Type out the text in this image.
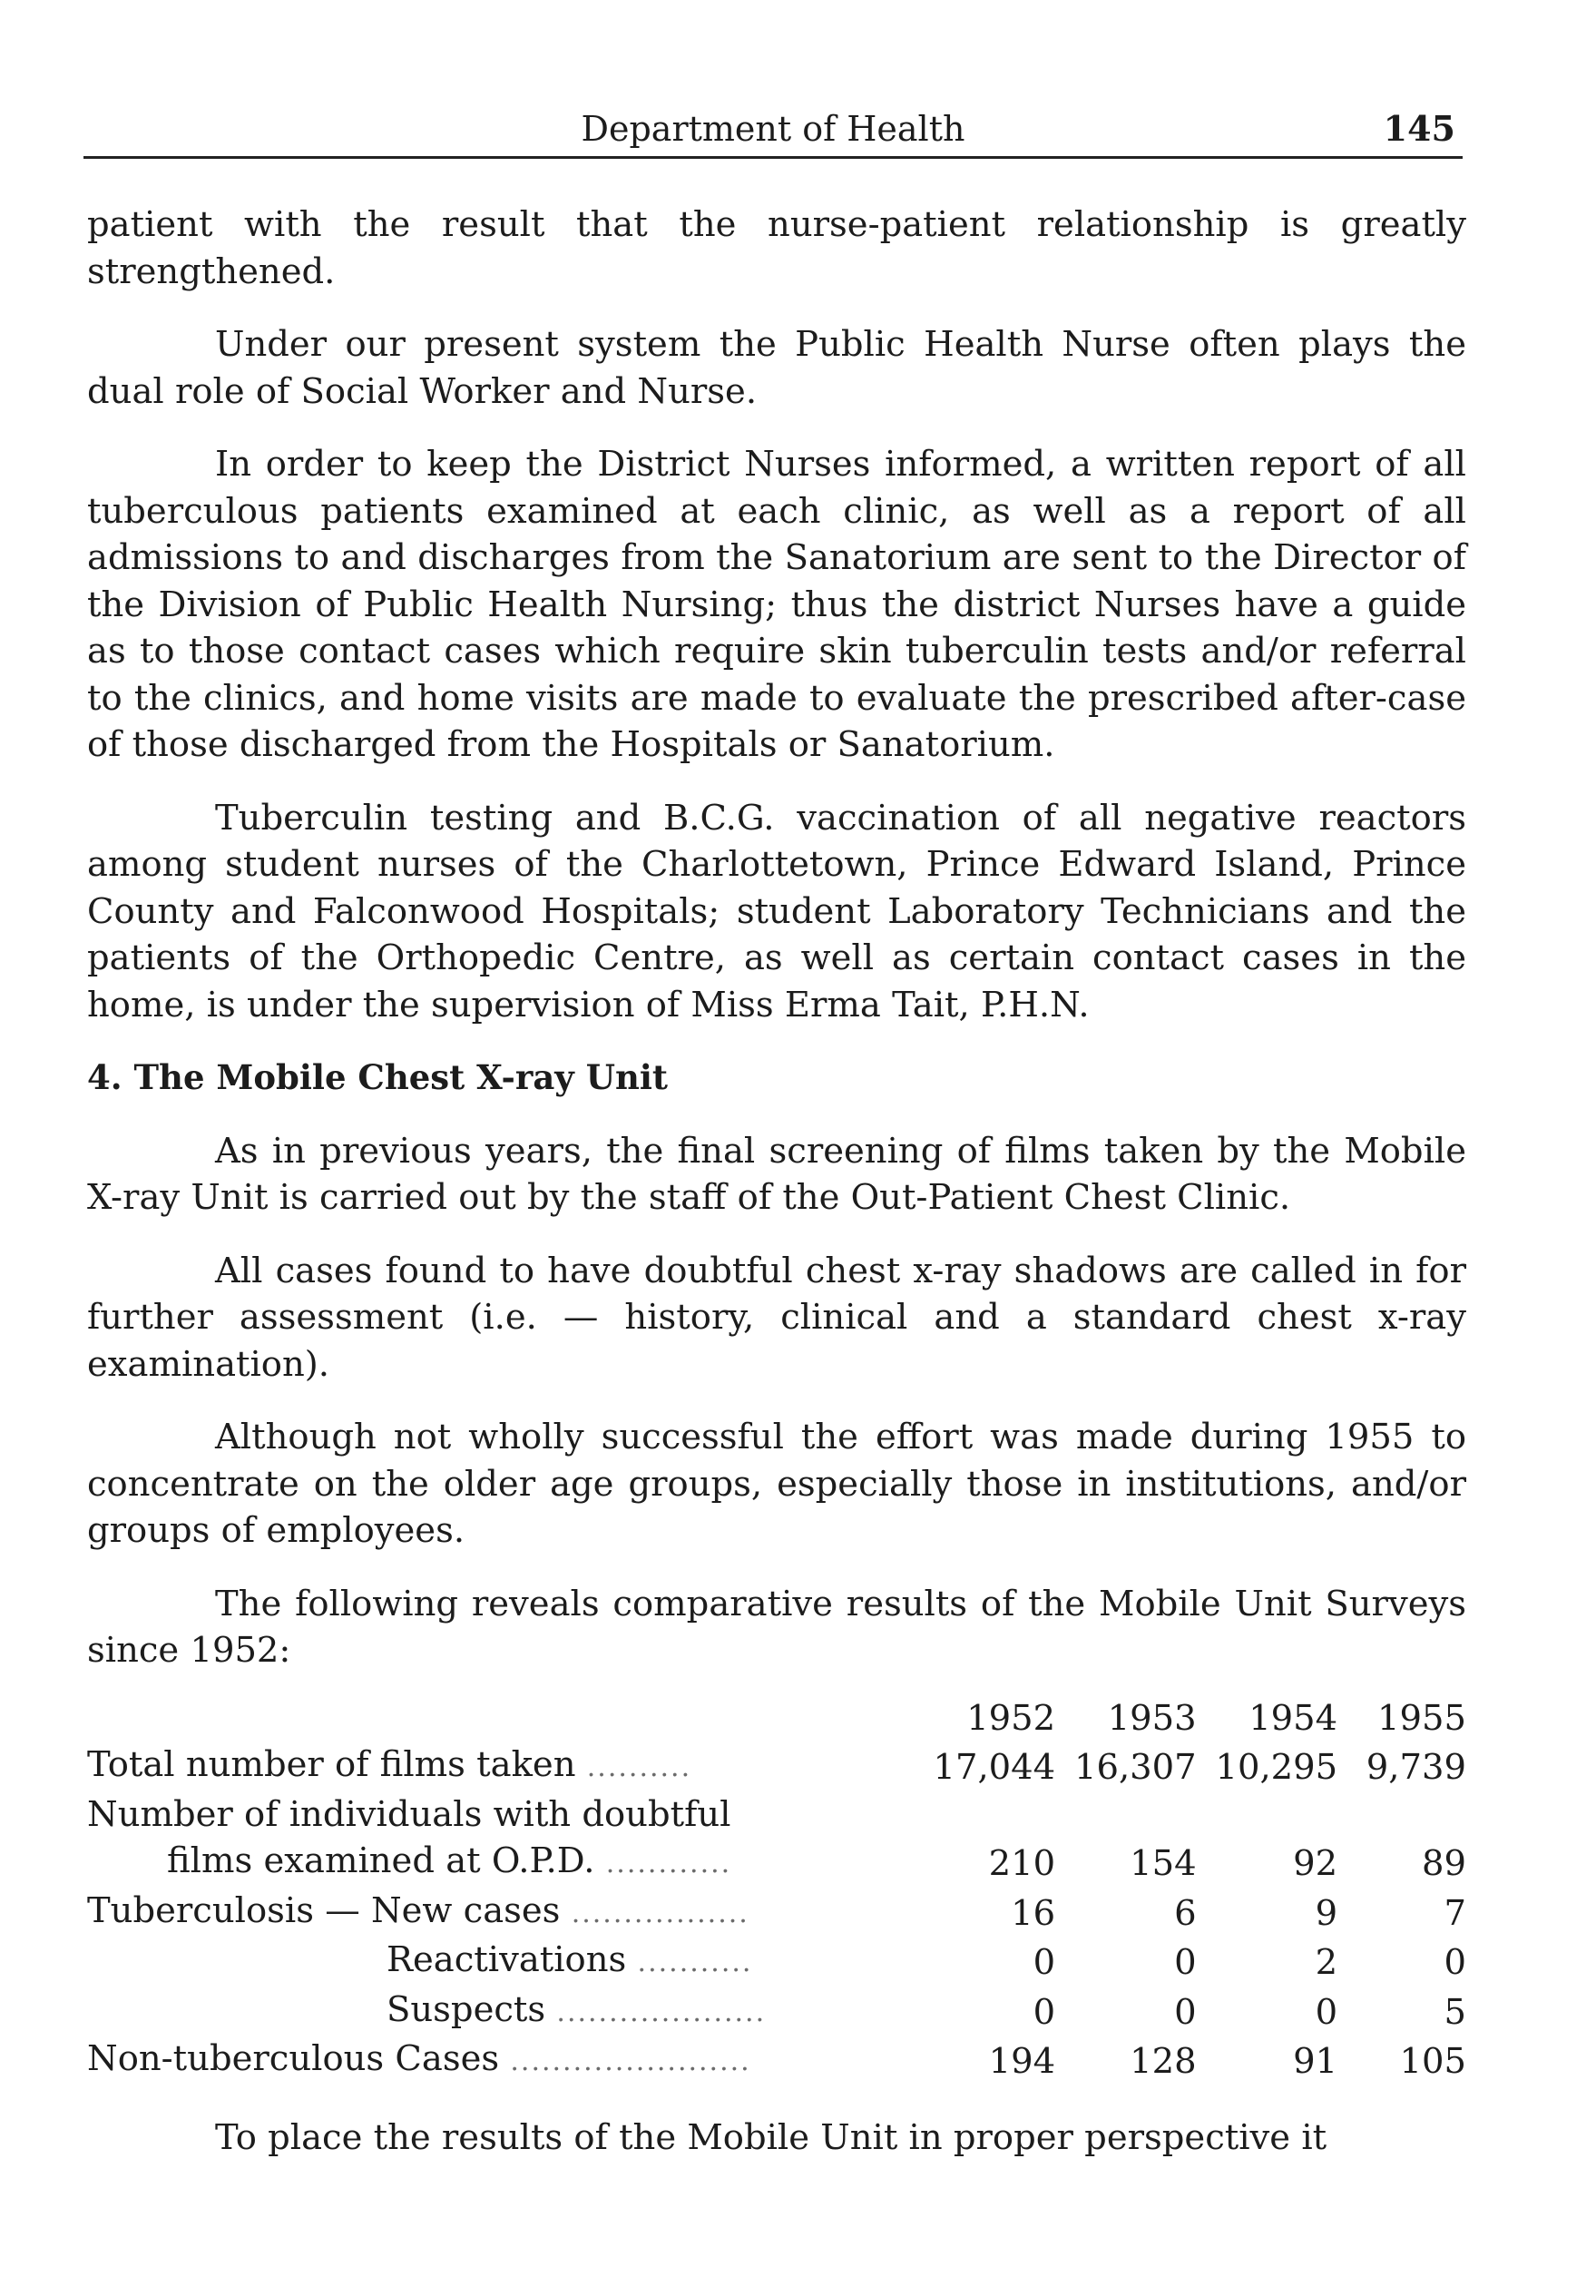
Department of Health	145

patient with the result that the nurse-patient relationship is greatly strengthened.

Under our present system the Public Health Nurse often plays the dual role of Social Worker and Nurse.

In order to keep the District Nurses informed, a written report of all tuberculous patients examined at each clinic, as well as a report of all admissions to and discharges from the Sanatorium are sent to the Director of the Division of Public Health Nursing; thus the district Nurses have a guide as to those contact cases which require skin tuberculin tests and/or referral to the clinics, and home visits are made to evaluate the prescribed after-case of those discharged from the Hospitals or Sanatorium.

Tuberculin testing and B.C.G. vaccination of all negative reactors among student nurses of the Charlottetown, Prince Edward Island, Prince County and Falconwood Hospitals; student Laboratory Technicians and the patients of the Orthopedic Centre, as well as certain contact cases in the home, is under the supervision of Miss Erma Tait, P.H.N.

4. The Mobile Chest X-ray Unit

As in previous years, the final screening of films taken by the Mobile X-ray Unit is carried out by the staff of the Out-Patient Chest Clinic.

All cases found to have doubtful chest x-ray shadows are called in for further assessment (i.e. — history, clinical and a standard chest x-ray examination).

Although not wholly successful the effort was made during 1955 to concentrate on the older age groups, especially those in institutions, and/or groups of employees.

The following reveals comparative results of the Mobile Unit Surveys since 1952:

	1952	1953	1954	1955
Total number of films taken ..........	17,044	16,307	10,295	9,739
Number of individuals with doubtful				
films examined at O.P.D. ............	210	154	92	89
Tuberculosis — New cases .................	16	6	9	7
Reactivations ...........	0	0	2	0
Suspects ....................	0	0	0	5
Non-tuberculous Cases .......................	194	128	91	105

To place the results of the Mobile Unit in proper perspective it
